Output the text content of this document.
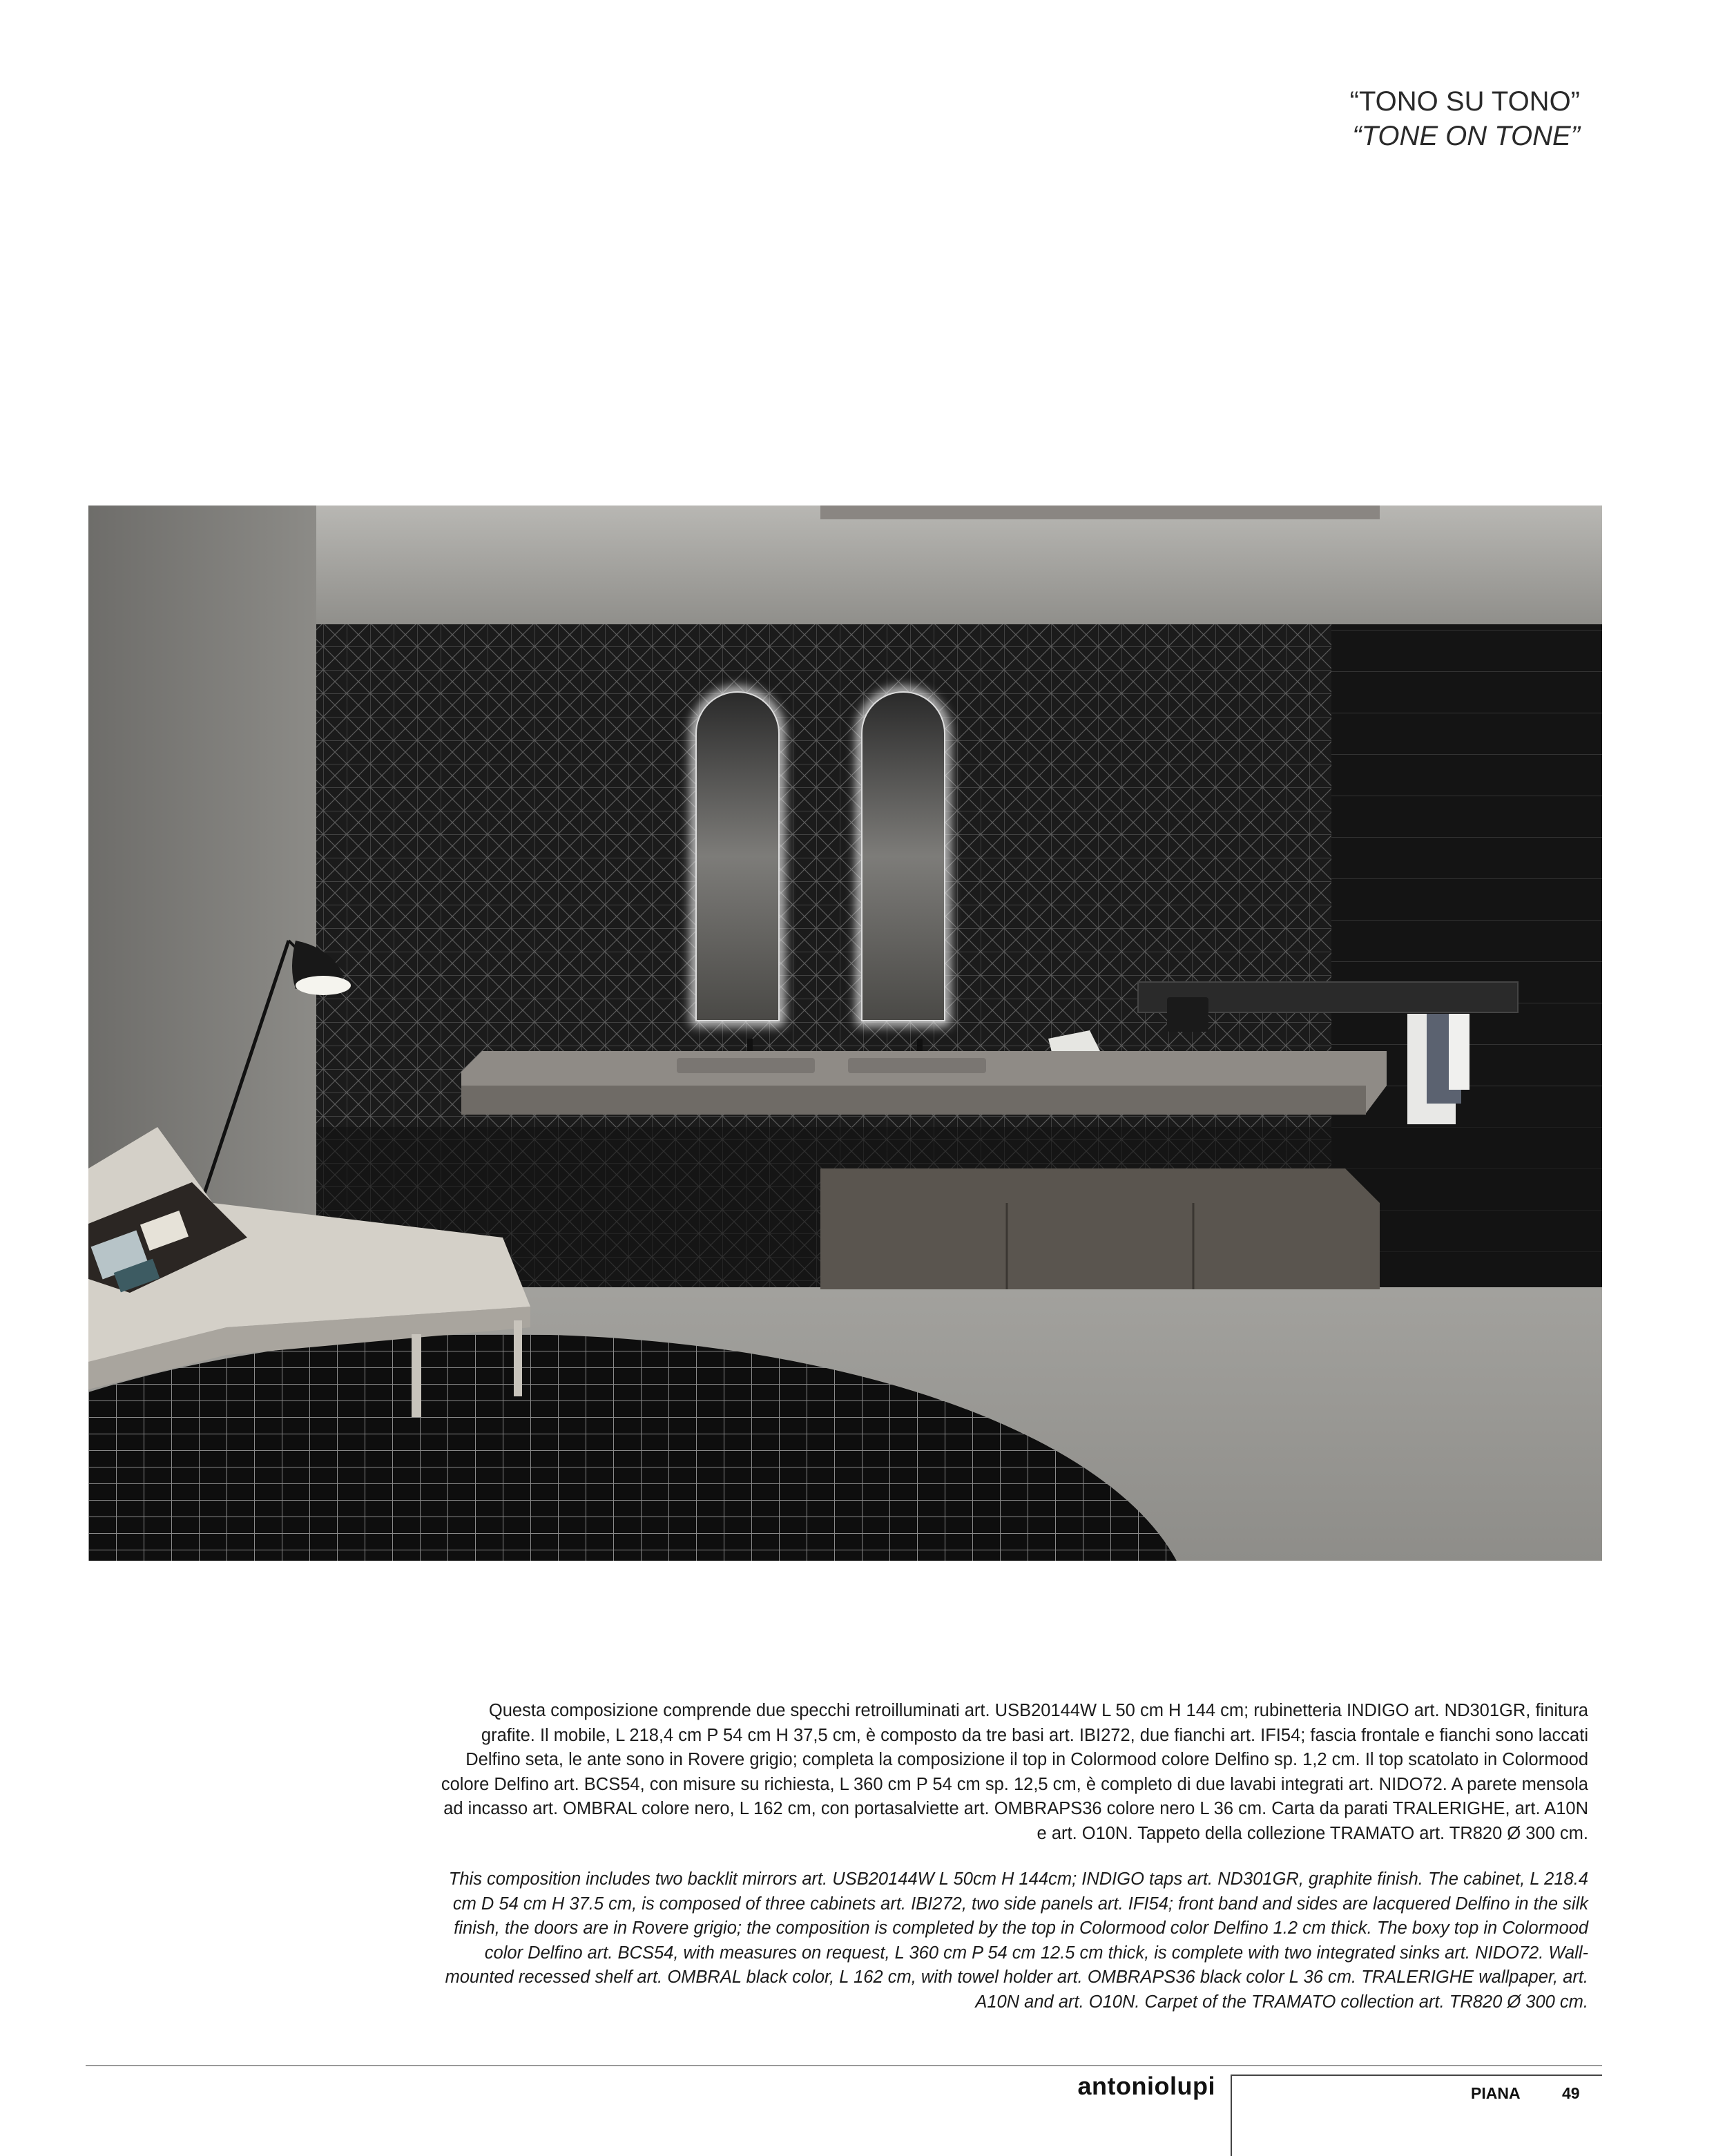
“TONO SU TONO”
“TONE ON TONE”
Questa composizione comprende due specchi retroilluminati art. USB20144W L 50 cm H 144 cm; rubinetteria INDIGO art. ND301GR, finitura
grafite. Il mobile, L 218,4 cm P 54 cm H 37,5 cm, è composto da tre basi art. IBI272, due fianchi art. IFI54; fascia frontale e fianchi sono laccati
Delfino seta, le ante sono in Rovere grigio; completa la composizione il top in Colormood colore Delfino sp. 1,2 cm. Il top scatolato in Colormood
colore Delfino art. BCS54, con misure su richiesta, L 360 cm P 54 cm sp. 12,5 cm, è completo di due lavabi integrati art. NIDO72. A parete mensola
ad incasso art. OMBRAL colore nero, L 162 cm, con portasalviette art. OMBRAPS36 colore nero L 36 cm. Carta da parati TRALERIGHE, art. A10N
e art. O10N. Tappeto della collezione TRAMATO art. TR820 Ø 300 cm.
This composition includes two backlit mirrors art. USB20144W L 50cm H 144cm; INDIGO taps art. ND301GR, graphite finish. The cabinet, L 218.4
cm D 54 cm H 37.5 cm, is composed of three cabinets art. IBI272, two side panels art. IFI54; front band and sides are lacquered Delfino in the silk
finish, the doors are in Rovere grigio; the composition is completed by the top in Colormood color Delfino 1.2 cm thick. The boxy top in Colormood
color Delfino art. BCS54, with measures on request, L 360 cm P 54 cm 12.5 cm thick, is complete with two integrated sinks art. NIDO72. Wall-
mounted recessed shelf art. OMBRAL black color, L 162 cm, with towel holder art. OMBRAPS36 black color L 36 cm. TRALERIGHE wallpaper, art.
A10N and art. O10N. Carpet of the TRAMATO collection art. TR820 Ø 300 cm.
antoniolupi	PIANA	49
